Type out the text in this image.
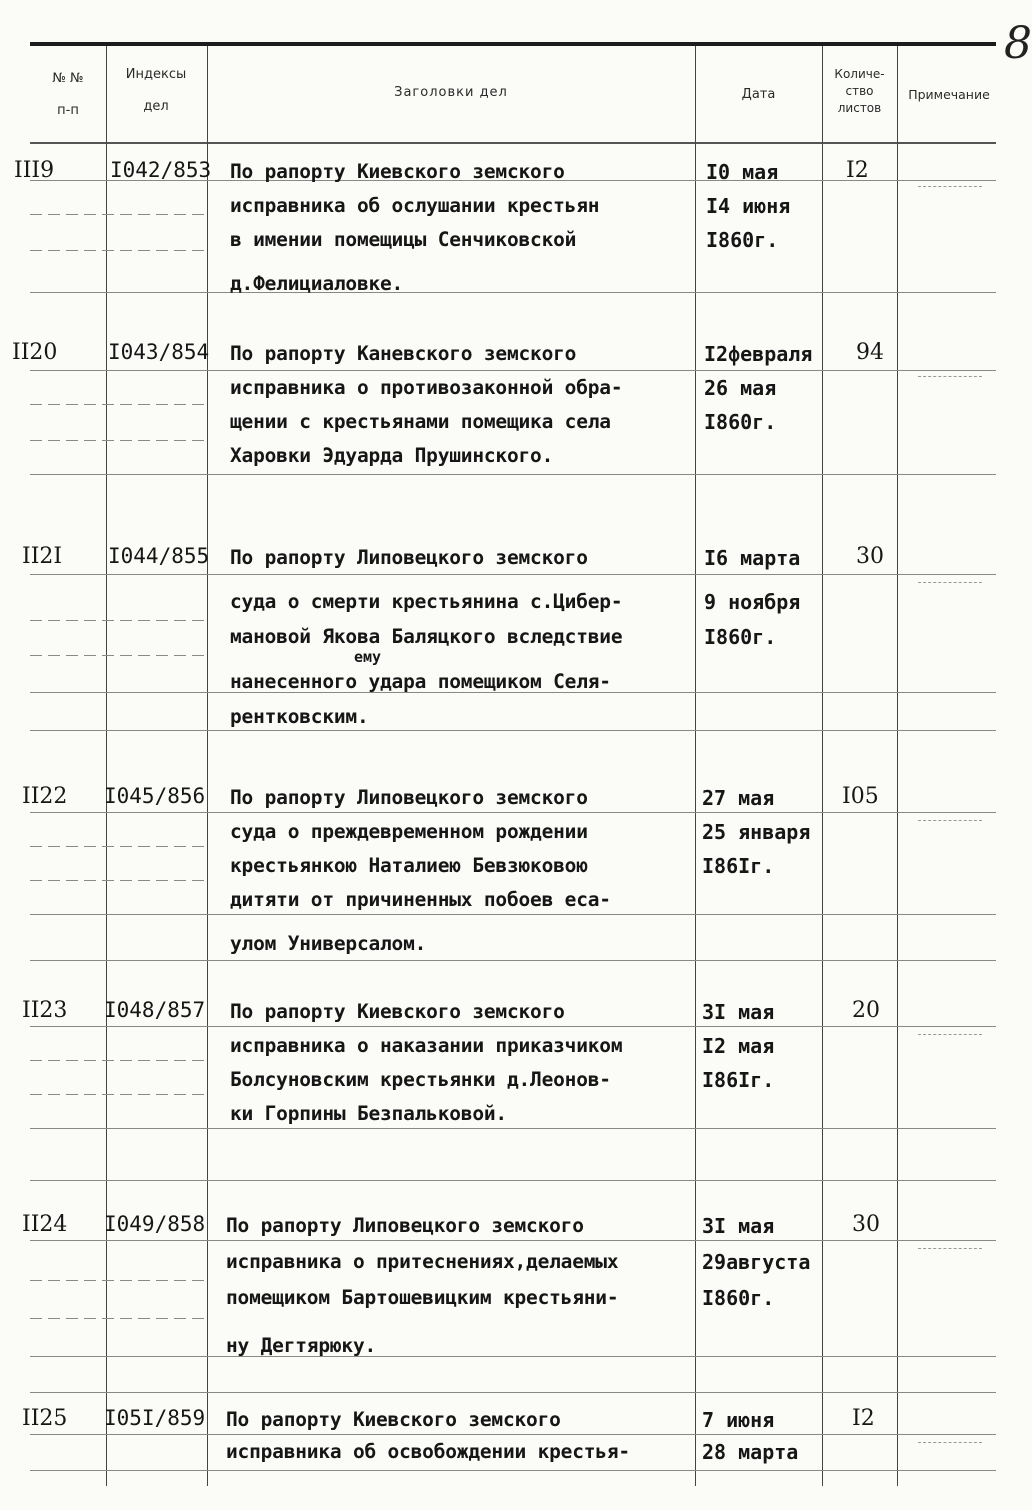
8
№ №
п-п
Индексы
дел
Заголовки дел	Дата
Количе-
ство
листов
Примечание
III9	I042/853 По рапорту Киевского земского
исправника об ослушании крестьян
в имении помещицы Сенчиковской
д.Фелициаловке.
I0 мая
I4 июня
I860г.
I2
II20 I043/854 По рапорту Каневского земского
исправника о противозаконной обра-
щении с крестьянами помещика села
Харовки Эдуарда Прушинского.
I2февраля
26 мая
I860г.
94
II2I I044/855 По рапорту Липовецкого земского
суда о смерти крестьянина с.Цибер-
мановой Якова Баляцкого вследствие
ему
нанесенного удара помещиком Селя-
рентковским.
I6 марта
9 ноября
I860г.
30
II22 I045/856 По рапорту Липовецкого земского
суда о преждевременном рождении
крестьянкою Наталиею Бевзюковою
дитяти от причиненных побоев еса-
улом Универсалом.
27 мая
25 января
I86Iг.
I05
II23 I048/857 По рапорту Киевского земского
исправника о наказании приказчиком
Болсуновским крестьянки д.Леонов-
ки Горпины Безпальковой.
3I мая
I2 мая
I86Iг.
20
II24 I049/858 По рапорту Липовецкого земского
исправника о притеснениях,делаемых
помещиком Бартошевицким крестьяни-
ну Дегтярюку.
3I мая
29августа
I860г.
30
II25 I05I/859 По рапорту Киевского земского
исправника об освобождении крестья-
7 июня
28 марта
I2
